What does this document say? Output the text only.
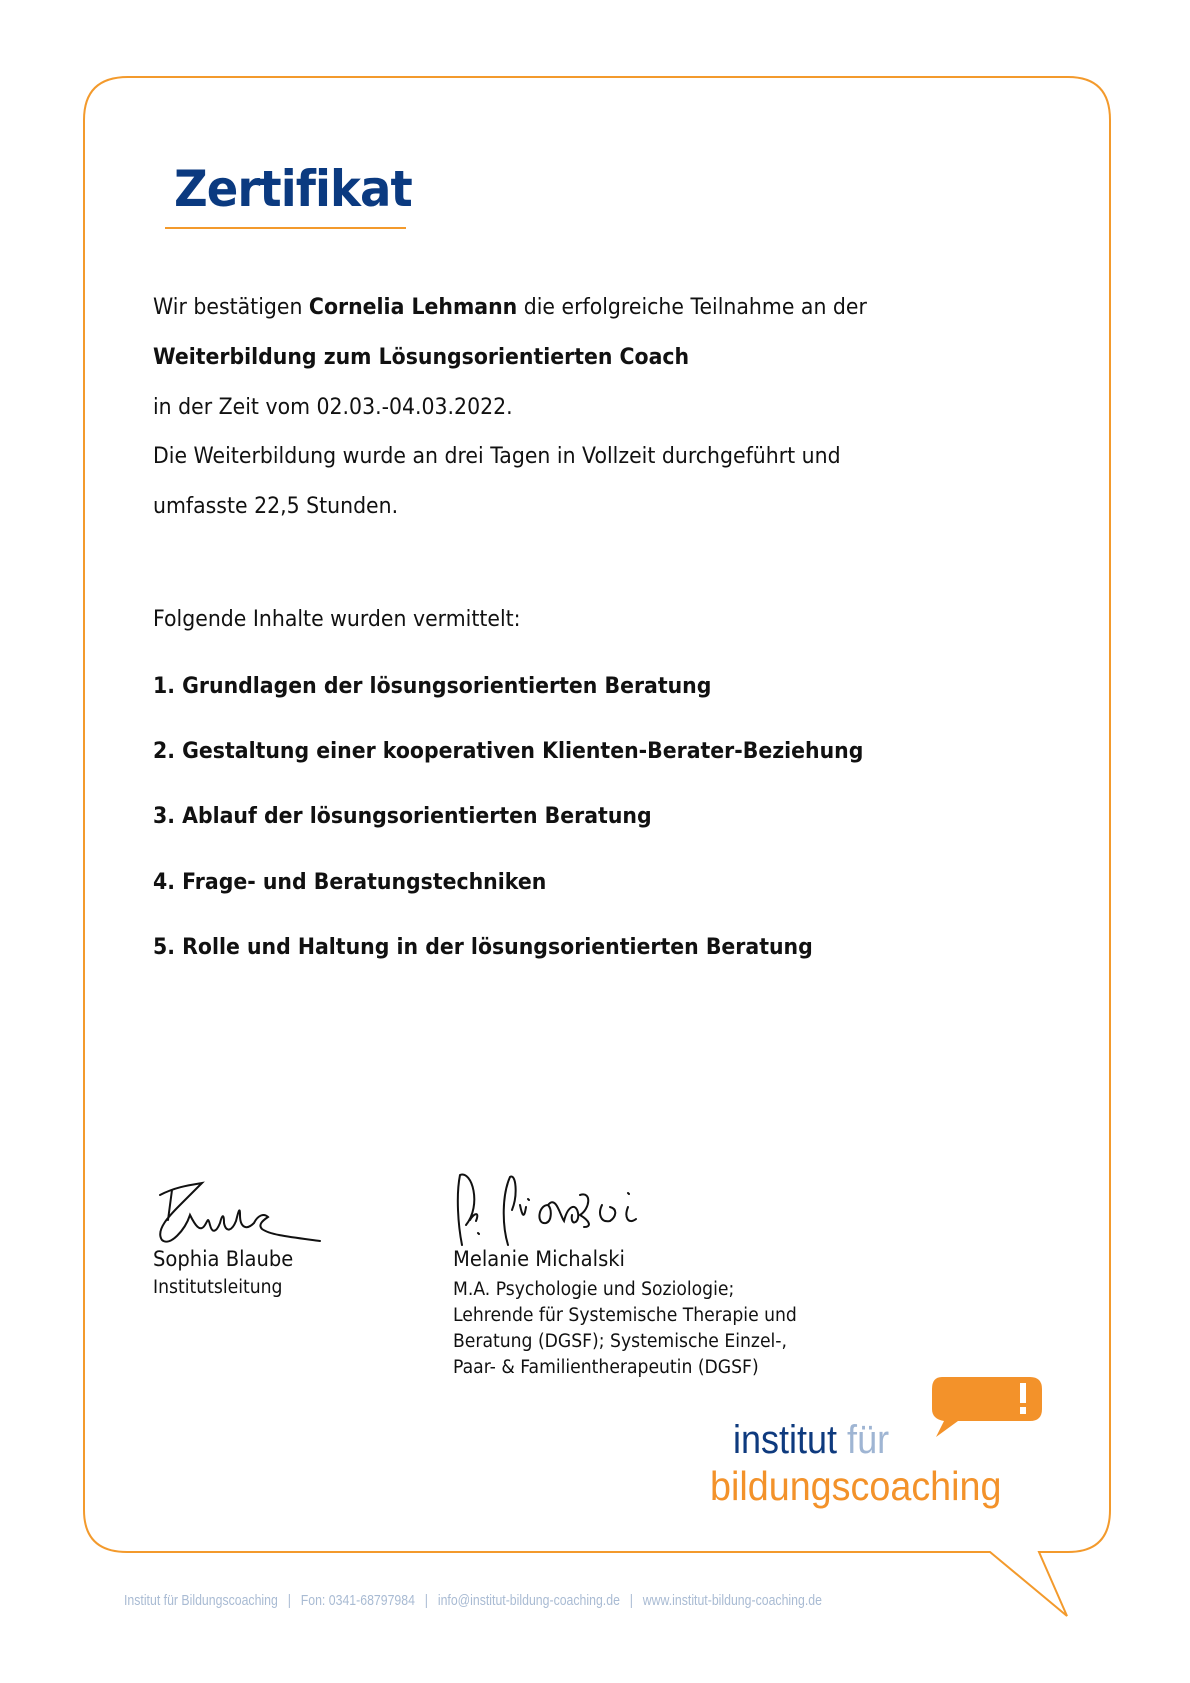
Zertifikat
Wir bestätigen Cornelia Lehmann die erfolgreiche Teilnahme an der
Weiterbildung zum Lösungsorientierten Coach
in der Zeit vom 02.03.-04.03.2022.
Die Weiterbildung wurde an drei Tagen in Vollzeit durchgeführt und
umfasste 22,5 Stunden.
Folgende Inhalte wurden vermittelt:
1. Grundlagen der lösungsorientierten Beratung
2. Gestaltung einer kooperativen Klienten-Berater-Beziehung
3. Ablauf der lösungsorientierten Beratung
4. Frage- und Beratungstechniken
5. Rolle und Haltung in der lösungsorientierten Beratung
Sophia Blaube
Institutsleitung
Melanie Michalski
M.A. Psychologie und Soziologie;
Lehrende für Systemische Therapie und
Beratung (DGSF); Systemische Einzel-,
Paar- & Familientherapeutin (DGSF)
institut für
bildungscoaching
Institut für Bildungscoaching | Fon: 0341-68797984 | info@institut-bildung-coaching.de | www.institut-bildung-coaching.de
